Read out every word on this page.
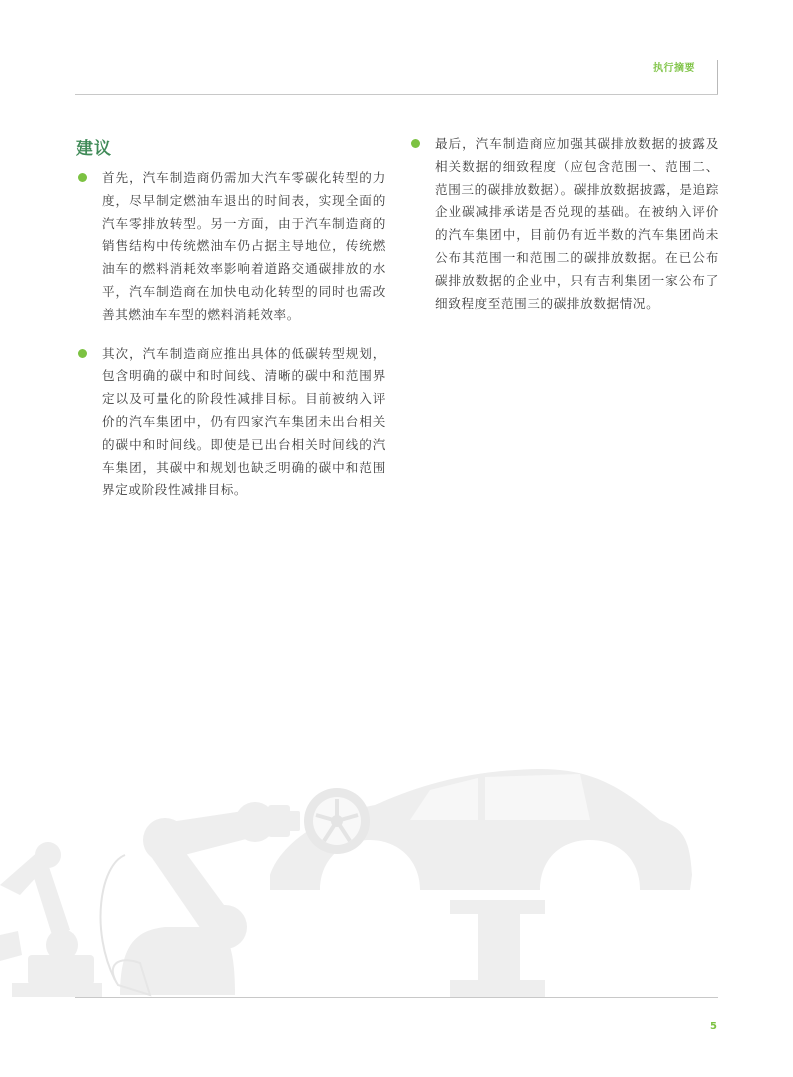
执行摘要
建议

首先，汽车制造商仍需加大汽车零碳化转型的力度，尽早制定燃油车退出的时间表，实现全面的汽车零排放转型。另一方面，由于汽车制造商的销售结构中传统燃油车仍占据主导地位，传统燃油车的燃料消耗效率影响着道路交通碳排放的水平，汽车制造商在加快电动化转型的同时也需改善其燃油车车型的燃料消耗效率。

其次，汽车制造商应推出具体的低碳转型规划，包含明确的碳中和时间线、清晰的碳中和范围界定以及可量化的阶段性减排目标。目前被纳入评价的汽车集团中，仍有四家汽车集团未出台相关的碳中和时间线。即使是已出台相关时间线的汽车集团，其碳中和规划也缺乏明确的碳中和范围界定或阶段性减排目标。

最后，汽车制造商应加强其碳排放数据的披露及相关数据的细致程度（应包含范围一、范围二、范围三的碳排放数据）。碳排放数据披露，是追踪企业碳减排承诺是否兑现的基础。在被纳入评价的汽车集团中，目前仍有近半数的汽车集团尚未公布其范围一和范围二的碳排放数据。在已公布碳排放数据的企业中，只有吉利集团一家公布了细致程度至范围三的碳排放数据情况。

5
